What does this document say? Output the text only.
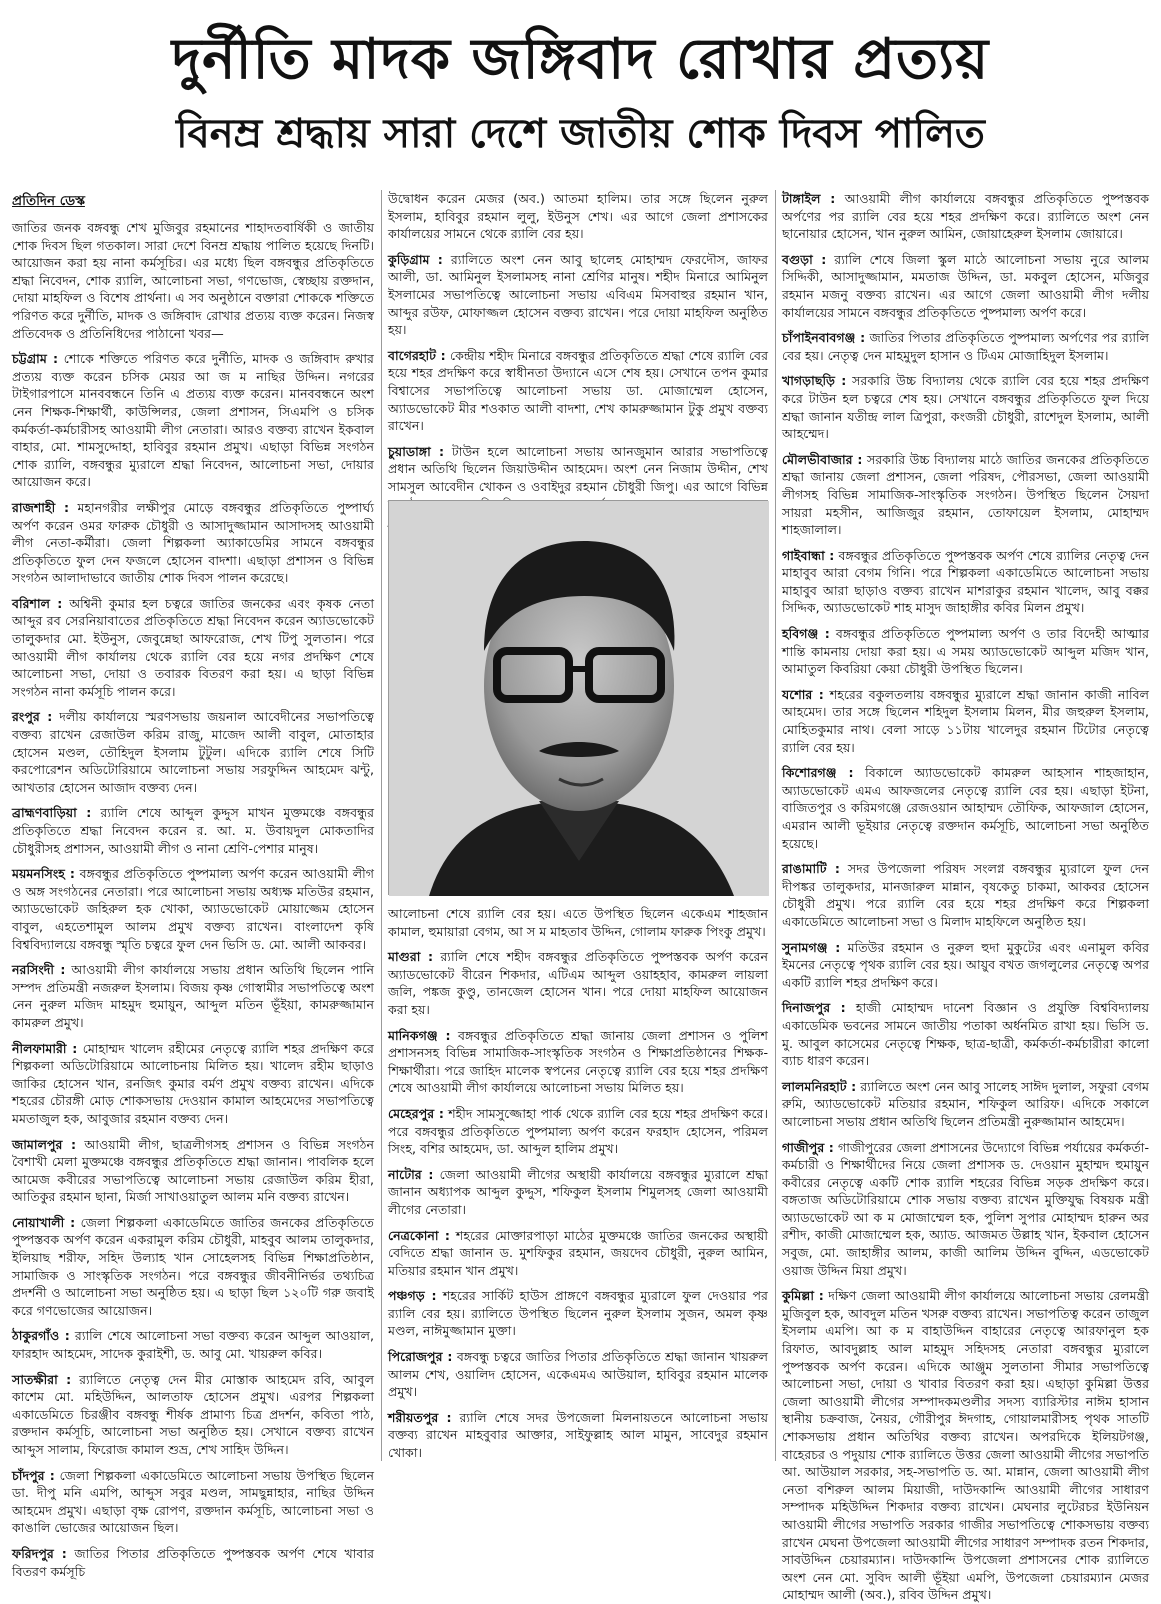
দুর্নীতি মাদক জঙ্গিবাদ রোখার প্রত্যয়
বিনম্র শ্রদ্ধায় সারা দেশে জাতীয় শোক দিবস পালিত
প্রতিদিন ডেস্ক

জাতির জনক বঙ্গবন্ধু শেখ মুজিবুর রহমানের শাহাদতবার্ষিকী ও জাতীয় শোক দিবস ছিল গতকাল। সারা দেশে বিনম্র শ্রদ্ধায় পালিত হয়েছে দিনটি। আয়োজন করা হয় নানা কর্মসূচির। এর মধ্যে ছিল বঙ্গবন্ধুর প্রতিকৃতিতে শ্রদ্ধা নিবেদন, শোক র‌্যালি, আলোচনা সভা, গণভোজ, স্বেচ্ছায় রক্তদান, দোয়া মাহফিল ও বিশেষ প্রার্থনা। এ সব অনুষ্ঠানে বক্তারা শোককে শক্তিতে পরিণত করে দুর্নীতি, মাদক ও জঙ্গিবাদ রোখার প্রত্যয় ব্যক্ত করেন। নিজস্ব প্রতিবেদক ও প্রতিনিধিদের পাঠানো খবর—

চট্টগ্রাম : শোকে শক্তিতে পরিণত করে দুর্নীতি, মাদক ও জঙ্গিবাদ রুখার প্রত্যয় ব্যক্ত করেন চসিক মেয়র আ জ ম নাছির উদ্দিন। নগরের টাইগারপাসে মানববন্ধনে তিনি এ প্রত্যয় ব্যক্ত করেন। মানববন্ধনে অংশ নেন শিক্ষক-শিক্ষার্থী, কাউন্সিলর, জেলা প্রশাসন, সিএমপি ও চসিক কর্মকর্তা-কর্মচারীসহ আওয়ামী লীগ নেতারা। আরও বক্তব্য রাখেন ইকবাল বাহার, মো. শামসুদ্দোহা, হাবিবুর রহমান প্রমুখ। এছাড়া বিভিন্ন সংগঠন শোক র‌্যালি, বঙ্গবন্ধুর ম্যুরালে শ্রদ্ধা নিবেদন, আলোচনা সভা, দোয়ার আয়োজন করে।

রাজশাহী : মহানগরীর লক্ষীপুর মোড়ে বঙ্গবন্ধুর প্রতিকৃতিতে পুষ্পার্ঘ্য অর্পণ করেন ওমর ফারুক চৌধুরী ও আসাদুজ্জামান আসাদসহ আওয়ামী লীগ নেতা-কর্মীরা। জেলা শিল্পকলা অ্যাকাডেমির সামনে বঙ্গবন্ধুর প্রতিকৃতিতে ফুল দেন ফজলে হোসেন বাদশা। এছাড়া প্রশাসন ও বিভিন্ন সংগঠন আলাদাভাবে জাতীয় শোক দিবস পালন করেছে।

বরিশাল : অশ্বিনী কুমার হল চত্বরে জাতির জনকের এবং কৃষক নেতা আব্দুর রব সেরনিয়াবাতের প্রতিকৃতিতে শ্রদ্ধা নিবেদন করেন অ্যাডভোকেট তালুকদার মো. ইউনুস, জেবুন্নেছা আফরোজ, শেখ টিপু সুলতান। পরে আওয়ামী লীগ কার্যালয় থেকে র‌্যালি বের হয়ে নগর প্রদক্ষিণ শেষে আলোচনা সভা, দোয়া ও তবারক বিতরণ করা হয়। এ ছাড়া বিভিন্ন সংগঠন নানা কর্মসূচি পালন করে।

রংপুর : দলীয় কার্যালয়ে স্মরণসভায় জয়নাল আবেদীনের সভাপতিত্বে বক্তব্য রাখেন রেজাউল করিম রাজু, মাজেদ আলী বাবুল, মোতাহার হোসেন মণ্ডল, তৌহিদুল ইসলাম টুটুল। এদিকে র‌্যালি শেষে সিটি করপোরেশন অডিটোরিয়ামে আলোচনা সভায় সরফুদ্দিন আহমেদ ঝন্টু, আখতার হোসেন আজাদ বক্তব্য দেন।

ব্রাহ্মণবাড়িয়া : র‌্যালি শেষে আব্দুল কুদ্দুস মাখন মুক্তমঞ্চে বঙ্গবন্ধুর প্রতিকৃতিতে শ্রদ্ধা নিবেদন করেন র. আ. ম. উবায়দুল মোকতাদির চৌধুরীসহ প্রশাসন, আওয়ামী লীগ ও নানা শ্রেণি-পেশার মানুষ।

ময়মনসিংহ : বঙ্গবন্ধুর প্রতিকৃতিতে পুষ্পমাল্য অর্পণ করেন আওয়ামী লীগ ও অঙ্গ সংগঠনের নেতারা। পরে আলোচনা সভায় অধ্যক্ষ মতিউর রহমান, অ্যাডভোকেট জহিরুল হক খোকা, অ্যাডভোকেট মোয়াজ্জেম হোসেন বাবুল, এহতেশামুল আলম প্রমুখ বক্তব্য রাখেন। বাংলাদেশ কৃষি বিশ্ববিদ্যালয়ে বঙ্গবন্ধু স্মৃতি চত্বরে ফুল দেন ভিসি ড. মো. আলী আকবর।

নরসিংদী : আওয়ামী লীগ কার্যালয়ে সভায় প্রধান অতিথি ছিলেন পানি সম্পদ প্রতিমন্ত্রী নজরুল ইসলাম। বিজয় কৃষ্ণ গোস্বামীর সভাপতিত্বে অংশ নেন নুরুল মজিদ মাহমুদ হুমায়ুন, আব্দুল মতিন ভূঁইয়া, কামরুজ্জামান কামরুল প্রমুখ।

নীলফামারী : মোহাম্মদ খালেদ রহীমের নেতৃত্বে র‌্যালি শহর প্রদক্ষিণ করে শিল্পকলা অডিটোরিয়ামে আলোচনায় মিলিত হয়। খালেদ রহীম ছাড়াও জাকির হোসেন খান, রনজিৎ কুমার বর্মণ প্রমুখ বক্তব্য রাখেন। এদিকে শহরের চৌরঙ্গী মোড় শোকসভায় দেওয়ান কামাল আহমেদের সভাপতিত্বে মমতাজুল হক, আবুজার রহমান বক্তব্য দেন।

জামালপুর : আওয়ামী লীগ, ছাত্রলীগসহ প্রশাসন ও বিভিন্ন সংগঠন বৈশাখী মেলা মুক্তমঞ্চে বঙ্গবন্ধুর প্রতিকৃতিতে শ্রদ্ধা জানান। পাবলিক হলে আমেজ কবীরের সভাপতিত্বে আলোচনা সভায় রেজাউল করিম হীরা, আতিকুর রহমান ছানা, মির্জা সাখাওয়াতুল আলম মনি বক্তব্য রাখেন।

নোয়াখালী : জেলা শিল্পকলা একাডেমিতে জাতির জনকের প্রতিকৃতিতে পুষ্পস্তবক অর্পণ করেন একরামুল করিম চৌধুরী, মাহবুব আলম তালুকদার, ইলিয়াছ শরীফ, সহিদ উল্যাহ খান সোহেলসহ বিভিন্ন শিক্ষাপ্রতিষ্ঠান, সামাজিক ও সাংস্কৃতিক সংগঠন। পরে বঙ্গবন্ধুর জীবনীনির্ভর তথ্যচিত্র প্রদর্শনী ও আলোচনা সভা অনুষ্ঠিত হয়। এ ছাড়া ছিল ১২০টি গরু জবাই করে গণভোজের আয়োজন।

ঠাকুরগাঁও : র‌্যালি শেষে আলোচনা সভা বক্তব্য করেন আব্দুল আওয়াল, ফারহাদ আহমেদ, সাদেক কুরাইশী, ড. আবু মো. খায়রুল কবির।

সাতক্ষীরা : র‌্যালিতে নেতৃত্ব দেন মীর মোস্তাক আহমেদ রবি, আবুল কাশেম মো. মহিউদ্দিন, আলতাফ হোসেন প্রমুখ। এরপর শিল্পকলা একাডেমিতে চিরঞ্জীব বঙ্গবন্ধু শীর্ষক প্রামাণ্য চিত্র প্রদর্শন, কবিতা পাঠ, রক্তদান কর্মসূচি, আলোচনা সভা অনুষ্ঠিত হয়। সেখানে বক্তব্য রাখেন আব্দুস সালাম, ফিরোজ কামাল শুভ্র, শেখ সাহিদ উদ্দিন।

চাঁদপুর : জেলা শিল্পকলা একাডেমিতে আলোচনা সভায় উপস্থিত ছিলেন ডা. দীপু মনি এমপি, আব্দুস সবুর মণ্ডল, সামছুন্নাহার, নাছির উদ্দিন আহমেদ প্রমুখ। এছাড়া বৃক্ষ রোপণ, রক্তদান কর্মসূচি, আলোচনা সভা ও কাঙালি ভোজের আয়োজন ছিল।

ফরিদপুর : জাতির পিতার প্রতিকৃতিতে পুষ্পস্তবক অর্পণ শেষে খাবার বিতরণ কর্মসূচি

উদ্বোধন করেন মেজর (অব.) আতমা হালিম। তার সঙ্গে ছিলেন নুরুল ইসলাম, হাবিবুর রহমান লুলু, ইউনুস শেখ। এর আগে জেলা প্রশাসকের কার্যালয়ের সামনে থেকে র‌্যালি বের হয়।

কুড়িগ্রাম : র‌্যালিতে অংশ নেন আবু ছালেহ মোহাম্মদ ফেরদৌস, জাফর আলী, ডা. আমিনুল ইসলামসহ নানা শ্রেণির মানুষ। শহীদ মিনারে আমিনুল ইসলামের সভাপতিত্বে আলোচনা সভায় এবিএম মিসবাহুর রহমান খান, আব্দুর রউফ, মোফাজ্জল হোসেন বক্তব্য রাখেন। পরে দোয়া মাহফিল অনুষ্ঠিত হয়।

বাগেরহাট : কেন্দ্রীয় শহীদ মিনারে বঙ্গবন্ধুর প্রতিকৃতিতে শ্রদ্ধা শেষে র‌্যালি বের হয়ে শহর প্রদক্ষিণ করে স্বাধীনতা উদ্যানে এসে শেষ হয়। সেখানে তপন কুমার বিশ্বাসের সভাপতিত্বে আলোচনা সভায় ডা. মোজাম্মেল হোসেন, অ্যাডভোকেট মীর শওকাত আলী বাদশা, শেখ কামরুজ্জামান টুকু প্রমুখ বক্তব্য রাখেন।

চুয়াডাঙ্গা : টাউন হলে আলোচনা সভায় আনজুমান আরার সভাপতিত্বে প্রধান অতিথি ছিলেন জিয়াউদ্দীন আহমেদ। অংশ নেন নিজাম উদ্দীন, শেখ সামসুল আবেদীন খোকন ও ওবাইদুর রহমান চৌধুরী জিপু। এর আগে বিভিন্ন

আলোচনা শেষে র‌্যালি বের হয়। এতে উপস্থিত ছিলেন একেএম শাহজান কামাল, হুমায়ারা বেগম, আ স ম মাহতাব উদ্দিন, গোলাম ফারুক পিংকু প্রমুখ।

মাগুরা : র‌্যালি শেষে শহীদ বঙ্গবন্ধুর প্রতিকৃতিতে পুষ্পস্তবক অর্পণ করেন অ্যাডভোকেট বীরেন শিকদার, এটিএম আব্দুল ওয়াহহাব, কামরুল লায়লা জলি, পঙ্কজ কুণ্ডু, তানজেল হোসেন খান। পরে দোয়া মাহফিল আয়োজন করা হয়।

মানিকগঞ্জ : বঙ্গবন্ধুর প্রতিকৃতিতে শ্রদ্ধা জানায় জেলা প্রশাসন ও পুলিশ প্রশাসনসহ বিভিন্ন সামাজিক-সাংস্কৃতিক সংগঠন ও শিক্ষাপ্রতিষ্ঠানের শিক্ষক-শিক্ষার্থীরা। পরে জাহিদ মালেক স্বপনের নেতৃত্বে র‌্যালি বের হয়ে শহর প্রদক্ষিণ শেষে আওয়ামী লীগ কার্যালয়ে আলোচনা সভায় মিলিত হয়।

মেহেরপুর : শহীদ সামসুজ্জোহা পার্ক থেকে র‌্যালি বের হয়ে শহর প্রদক্ষিণ করে। পরে বঙ্গবন্ধুর প্রতিকৃতিতে পুষ্পমাল্য অর্পণ করেন ফরহাদ হোসেন, পরিমল সিংহ, বশির আহমেদ, ডা. আব্দুল হালিম প্রমুখ।

নাটোর : জেলা আওয়ামী লীগের অস্থায়ী কার্যালয়ে বঙ্গবন্ধুর ম্যুরালে শ্রদ্ধা জানান অধ্যাপক আব্দুল কুদ্দুস, শফিকুল ইসলাম শিমুলসহ জেলা আওয়ামী লীগের নেতারা।

নেত্রকোনা : শহরের মোক্তারপাড়া মাঠের মুক্তমঞ্চে জাতির জনকের অস্থায়ী বেদিতে শ্রদ্ধা জানান ড. মুশফিকুর রহমান, জয়দেব চৌধুরী, নুরুল আমিন, মতিয়ার রহমান খান প্রমুখ।

পঞ্চগড় : শহরের সার্কিট হাউস প্রাঙ্গণে বঙ্গবন্ধুর ম্যুরালে ফুল দেওয়ার পর র‌্যালি বের হয়। র‌্যালিতে উপস্থিত ছিলেন নুরুল ইসলাম সুজন, অমল কৃষ্ণ মণ্ডল, নাঈমুজ্জামান মুক্তা।

পিরোজপুর : বঙ্গবন্ধু চত্বরে জাতির পিতার প্রতিকৃতিতে শ্রদ্ধা জানান খায়রুল আলম শেখ, ওয়ালিদ হোসেন, একেএমএ আউয়াল, হাবিবুর রহমান মালেক প্রমুখ।

শরীয়তপুর : র‌্যালি শেষে সদর উপজেলা মিলনায়তনে আলোচনা সভায় বক্তব্য রাখেন মাহবুবার আক্তার, সাইফুল্লাহ আল মামুন, সাবেদুর রহমান খোকা।

টাঙ্গাইল : আওয়ামী লীগ কার্যালয়ে বঙ্গবন্ধুর প্রতিকৃতিতে পুষ্পস্তবক অর্পণের পর র‌্যালি বের হয়ে শহর প্রদক্ষিণ করে। র‌্যালিতে অংশ নেন ছানোয়ার হোসেন, খান নুরুল আমিন, জোয়াহেরুল ইসলাম জোয়ারে।

বগুড়া : র‌্যালি শেষে জিলা স্কুল মাঠে আলোচনা সভায় নুরে আলম সিদ্দিকী, আসাদুজ্জামান, মমতাজ উদ্দিন, ডা. মকবুল হোসেন, মজিবুর রহমান মজনু বক্তব্য রাখেন। এর আগে জেলা আওয়ামী লীগ দলীয় কার্যালয়ের সামনে বঙ্গবন্ধুর প্রতিকৃতিতে পুষ্পমাল্য অর্পণ করে।

চাঁপাইনবাবগঞ্জ : জাতির পিতার প্রতিকৃতিতে পুষ্পমাল্য অর্পণের পর র‌্যালি বের হয়। নেতৃত্ব দেন মাহমুদুল হাসান ও টিএম মোজাহিদুল ইসলাম।

খাগড়াছড়ি : সরকারি উচ্চ বিদ্যালয় থেকে র‌্যালি বের হয়ে শহর প্রদক্ষিণ করে টাউন হল চত্বরে শেষ হয়। সেখানে বঙ্গবন্ধুর প্রতিকৃতিতে ফুল দিয়ে শ্রদ্ধা জানান যতীন্দ্র লাল ত্রিপুরা, কংজরী চৌধুরী, রাশেদুল ইসলাম, আলী আহম্মেদ।

মৌলভীবাজার : সরকারি উচ্চ বিদ্যালয় মাঠে জাতির জনকের প্রতিকৃতিতে শ্রদ্ধা জানায় জেলা প্রশাসন, জেলা পরিষদ, পৌরসভা, জেলা আওয়ামী লীগসহ বিভিন্ন সামাজিক-সাংস্কৃতিক সংগঠন। উপস্থিত ছিলেন সৈয়দা সায়রা মহসীন, আজিজুর রহমান, তোফায়েল ইসলাম, মোহাম্মদ শাহজালাল।

গাইবান্ধা : বঙ্গবন্ধুর প্রতিকৃতিতে পুষ্পস্তবক অর্পণ শেষে র‌্যালির নেতৃত্ব দেন মাহাবুব আরা বেগম গিনি। পরে শিল্পকলা একাডেমিতে আলোচনা সভায় মাহাবুব আরা ছাড়াও বক্তব্য রাখেন মাশরাকুর রহমান খালেদ, আবু বক্কর সিদ্দিক, অ্যাডভোকেট শাহ মাসুদ জাহাঙ্গীর কবির মিলন প্রমুখ।

হবিগঞ্জ : বঙ্গবন্ধুর প্রতিকৃতিতে পুষ্পমাল্য অর্পণ ও তার বিদেহী আত্মার শান্তি কামনায় দোয়া করা হয়। এ সময় অ্যাডভোকেট আব্দুল মজিদ খান, আমাতুল কিবরিয়া কেয়া চৌধুরী উপস্থিত ছিলেন।

যশোর : শহরের বকুলতলায় বঙ্গবন্ধুর ম্যুরালে শ্রদ্ধা জানান কাজী নাবিল আহমেদ। তার সঙ্গে ছিলেন শহিদুল ইসলাম মিলন, মীর জহুরুল ইসলাম, মোহিতকুমার নাথ। বেলা সাড়ে ১১টায় খালেদুর রহমান টিটোর নেতৃত্বে র‌্যালি বের হয়।

কিশোরগঞ্জ : বিকালে অ্যাডভোকেট কামরুল আহসান শাহজাহান, অ্যাডভোকেট এমএ আফজলের নেতৃত্বে র‌্যালি বের হয়। এছাড়া ইটনা, বাজিতপুর ও করিমগঞ্জে রেজওয়ান আহাম্মদ তৌফিক, আফজাল হোসেন, এমরান আলী ভূইয়ার নেতৃত্বে রক্তদান কর্মসূচি, আলোচনা সভা অনুষ্ঠিত হয়েছে।

রাঙামাটি : সদর উপজেলা পরিষদ সংলগ্ন বঙ্গবন্ধুর ম্যুরালে ফুল দেন দীপঙ্কর তালুকদার, মানজারুল মান্নান, বৃষকেতু চাকমা, আকবর হোসেন চৌধুরী প্রমুখ। পরে র‌্যালি বের হয়ে শহর প্রদক্ষিণ করে শিল্পকলা একাডেমিতে আলোচনা সভা ও মিলাদ মাহফিলে অনুষ্ঠিত হয়।

সুনামগঞ্জ : মতিউর রহমান ও নুরুল হুদা মুকুটের এবং এনামুল কবির ইমনের নেতৃত্বে পৃথক র‌্যালি বের হয়। আয়ুব বখত জগলুলের নেতৃত্বে অপর একটি র‌্যালি শহর প্রদক্ষিণ করে।

দিনাজপুর : হাজী মোহাম্মদ দানেশ বিজ্ঞান ও প্রযুক্তি বিশ্ববিদ্যালয় একাডেমিক ভবনের সামনে জাতীয় পতাকা অর্ধনমিত রাখা হয়। ভিসি ড. মু. আবুল কাসেমের নেতৃত্বে শিক্ষক, ছাত্র-ছাত্রী, কর্মকর্তা-কর্মচারীরা কালো ব্যাচ ধারণ করেন।

লালমনিরহাট : র‌্যালিতে অংশ নেন আবু সালেহ সাঈদ দুলাল, সফুরা বেগম রুমি, অ্যাডভোকেট মতিয়ার রহমান, শফিকুল আরিফ। এদিকে সকালে আলোচনা সভায় প্রধান অতিথি ছিলেন প্রতিমন্ত্রী নুরুজ্জামান আহমেদ।

গাজীপুর : গাজীপুরের জেলা প্রশাসনের উদ্যোগে বিভিন্ন পর্যায়ের কর্মকর্তা-কর্মচারী ও শিক্ষার্থীদের নিয়ে জেলা প্রশাসক ড. দেওয়ান মুহাম্মদ হুমায়ুন কবীরের নেতৃত্বে একটি শোক র‌্যালি শহরের বিভিন্ন সড়ক প্রদক্ষিণ করে। বঙ্গতাজ অডিটোরিয়ামে শোক সভায় বক্তব্য রাখেন মুক্তিযুদ্ধ বিষয়ক মন্ত্রী অ্যাডভোকেট আ ক ম মোজাম্মেল হক, পুলিশ সুপার মোহাম্মদ হারুন অর রশীদ, কাজী মোজাম্মেল হক, অ্যাড. আজমত উল্লাহ খান, ইকবাল হোসেন সবুজ, মো. জাহাঙ্গীর আলম, কাজী আলিম উদ্দিন বুদ্দিন, এডভোকেট ওয়াজ উদ্দিন মিয়া প্রমুখ।

কুমিল্লা : দক্ষিণ জেলা আওয়ামী লীগ কার্যালয়ে আলোচনা সভায় রেলমন্ত্রী মুজিবুল হক, আবদুল মতিন খসরু বক্তব্য রাখেন। সভাপতিত্ব করেন তাজুল ইসলাম এমপি। আ ক ম বাহাউদ্দিন বাহারের নেতৃত্বে আরফানুল হক রিফাত, আবদুল্লাহ আল মাহমুদ সহিদসহ নেতারা বঙ্গবন্ধুর ম্যুরালে পুষ্পস্তবক অর্পণ করেন। এদিকে আঞ্জুম সুলতানা সীমার সভাপতিত্বে আলোচনা সভা, দোয়া ও খাবার বিতরণ করা হয়। এছাড়া কুমিল্লা উত্তর জেলা আওয়ামী লীগের সম্পাদকমণ্ডলীর সদস্য ব্যারিস্টার নাঈম হাসান স্থানীয় চক্রবাজ, নৈয়র, গৌরীপুর ঈদগাহ, গোয়ালমারীসহ পৃথক সাতটি শোকসভায় প্রধান অতিথির বক্তব্য রাখেন। অপরদিকে ইলিয়টগঞ্জ, বাহেরচর ও পদুয়ায় শোক র‌্যালিতে উত্তর জেলা আওয়ামী লীগের সভাপতি আ. আউয়াল সরকার, সহ-সভাপতি ড. আ. মান্নান, জেলা আওয়ামী লীগ নেতা বশিরুল আলম মিয়াজী, দাউদকান্দি আওয়ামী লীগের সাধারণ সম্পাদক মহিউদ্দিন শিকদার বক্তব্য রাখেন। মেঘনার লুটেরচর ইউনিয়ন আওয়ামী লীগের সভাপতি সরকার গাজীর সভাপতিত্বে শোকসভায় বক্তব্য রাখেন মেঘনা উপজেলা আওয়ামী লীগের সাধারণ সম্পাদক রতন শিকদার, সাবউদ্দিন চেয়ারম্যান। দাউদকান্দি উপজেলা প্রশাসনের শোক র‌্যালিতে অংশ নেন মো. সুবিদ আলী ভূঁইয়া এমপি, উপজেলা চেয়ারম্যান মেজর মোহাম্মদ আলী (অব.), রবিব উদ্দিন প্রমুখ।
